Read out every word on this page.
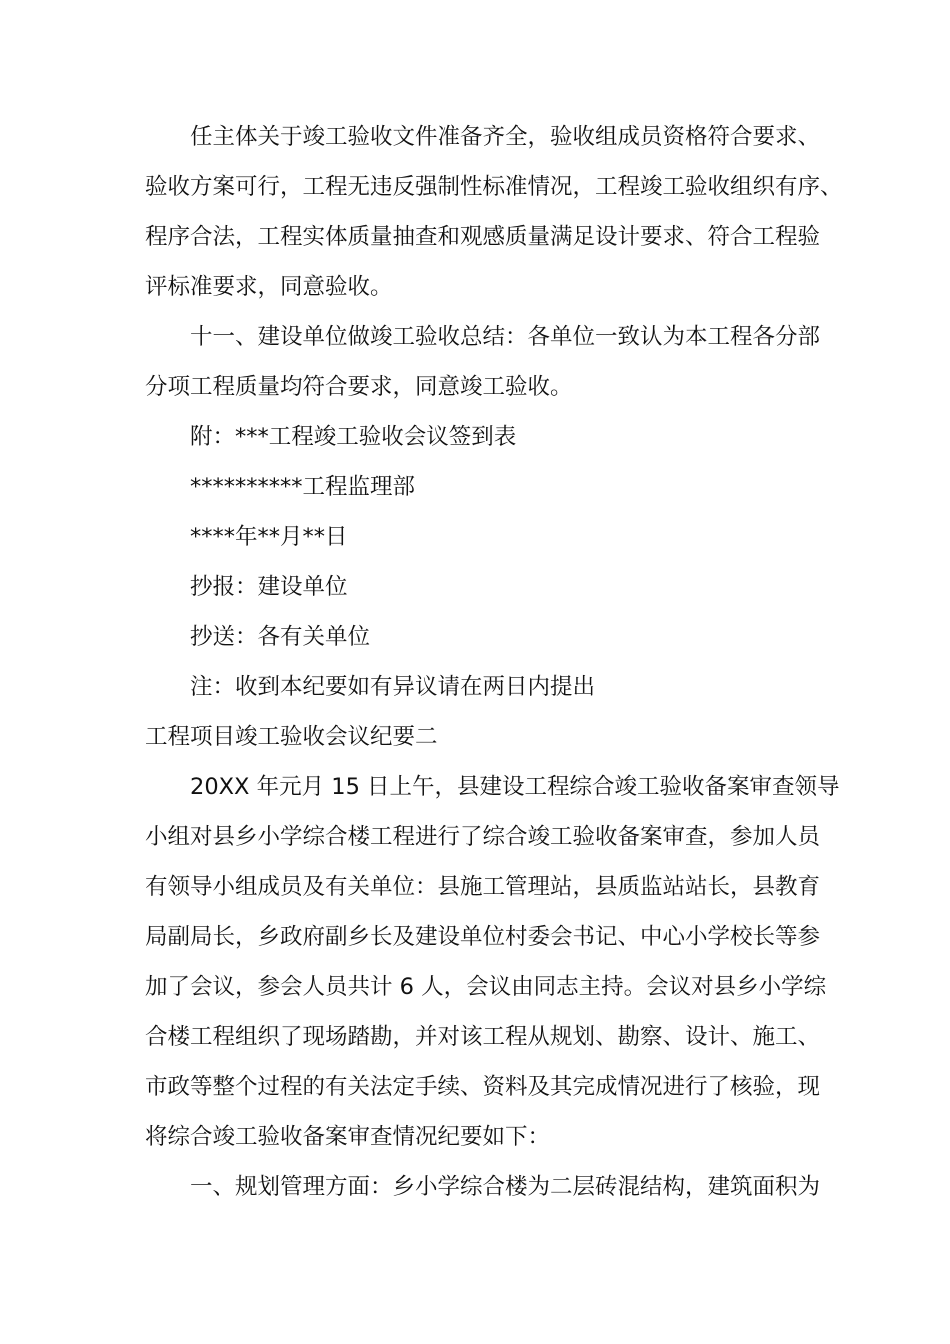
任主体关于竣工验收文件准备齐全，验收组成员资格符合要求、
验收方案可行，工程无违反强制性标准情况，工程竣工验收组织有序、
程序合法，工程实体质量抽查和观感质量满足设计要求、符合工程验
评标准要求，同意验收。
十一、建设单位做竣工验收总结：各单位一致认为本工程各分部
分项工程质量均符合要求，同意竣工验收。
附：***工程竣工验收会议签到表
**********工程监理部
****年**月**日
抄报：建设单位
抄送：各有关单位
注：收到本纪要如有异议请在两日内提出
工程项目竣工验收会议纪要二
20XX 年元月 15 日上午，县建设工程综合竣工验收备案审查领导
小组对县乡小学综合楼工程进行了综合竣工验收备案审查，参加人员
有领导小组成员及有关单位：县施工管理站，县质监站站长，县教育
局副局长，乡政府副乡长及建设单位村委会书记、中心小学校长等参
加了会议，参会人员共计 6 人，会议由同志主持。会议对县乡小学综
合楼工程组织了现场踏勘，并对该工程从规划、勘察、设计、施工、
市政等整个过程的有关法定手续、资料及其完成情况进行了核验，现
将综合竣工验收备案审查情况纪要如下：
一、规划管理方面：乡小学综合楼为二层砖混结构，建筑面积为
